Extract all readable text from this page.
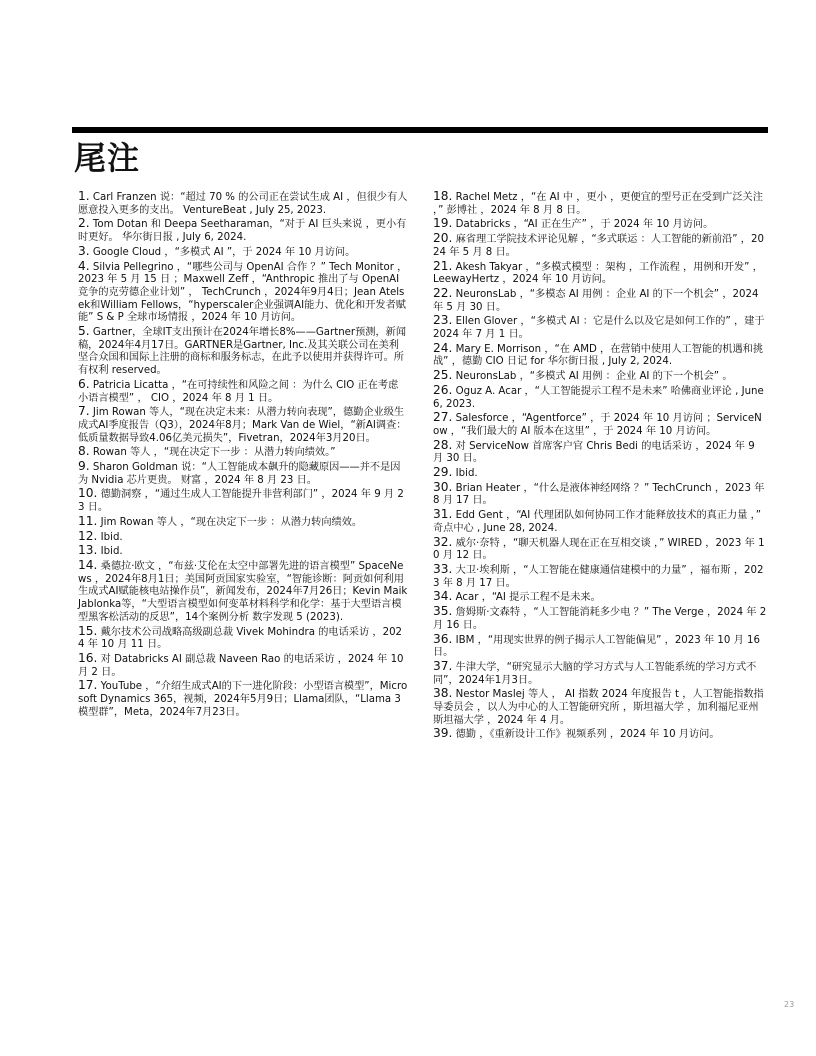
尾注

1. Carl Franzen 说：“超过 70 % 的公司正在尝试生成 AI ，但很少有人愿意投入更多的支出。 VentureBeat , July 25, 2023.

2. Tom Dotan 和 Deepa Seetharaman，“对于 AI 巨头来说 ，更小有时更好。 华尔街日报 , July 6, 2024.

3. Google Cloud ，“多模式 AI ”，于 2024 年 10 月访问。

4. Silvia Pellegrino ，“哪些公司与 OpenAI 合作 ？” Tech Monitor ，2023 年 5 月 15 日 ；Maxwell Zeff ，“Anthropic 推出了与 OpenAI 竞争的克劳德企业计划” ， TechCrunch ，2024年9月4日；Jean Atelsek和William Fellows，“hyperscaler企业强调AI能力、优化和开发者赋能” S & P 全球市场情报 ，2024 年 10 月访问。

5. Gartner，全球IT支出预计在2024年增长8%——Gartner预测，新闻稿，2024年4月17日。GARTNER是Gartner, Inc.及其关联公司在美利坚合众国和国际上注册的商标和服务标志，在此予以使用并获得许可。所有权利 reserved。

6. Patricia Licatta ，“在可持续性和风险之间 ：为什么 CIO 正在考虑小语言模型” ， CIO ，2024 年 8 月 1 日。

7. Jim Rowan 等人，“现在决定未来：从潜力转向表现”，德勤企业级生成式AI季度报告（Q3），2024年8月；Mark Van de Wiel，“新AI调查：低质量数据导致4.06亿美元损失”，Fivetran，2024年3月20日。

8. Rowan 等人 ，“现在决定下一步 ：从潜力转向绩效。”

9. Sharon Goldman 说：“人工智能成本飙升的隐藏原因——并不是因为 Nvidia 芯片更贵。 财富 ，2024 年 8 月 23 日。

10. 德勤洞察 ，“通过生成人工智能提升非营利部门” ，2024 年 9 月 23 日。

11. Jim Rowan 等人 ，“现在决定下一步 ：从潜力转向绩效。

12. Ibid.

13. Ibid.

14. 桑德拉·欧文 ，“布兹·艾伦在太空中部署先进的语言模型” SpaceNews ，2024年8月1日；美国阿贡国家实验室，“智能诊断：阿贡如何利用生成式AI赋能核电站操作员”，新闻发布，2024年7月26日；Kevin Maik Jablonka等，“大型语言模型如何变革材料科学和化学：基于大型语言模型黑客松活动的反思”，14个案例分析 数字发现 5 (2023).

15. 戴尔技术公司战略高级副总裁 Vivek Mohindra 的电话采访 ，2024 年 10 月 11 日。

16. 对 Databricks AI 副总裁 Naveen Rao 的电话采访 ，2024 年 10 月 2 日。

17. YouTube ，“介绍生成式AI的下一进化阶段：小型语言模型”，Microsoft Dynamics 365，视频，2024年5月9日；Llama团队，“Llama 3模型群”，Meta，2024年7月23日。

18. Rachel Metz ，“在 AI 中 ，更小 ，更便宜的型号正在受到广泛关注 ，” 彭博社 ，2024 年 8 月 8 日。

19. Databricks ，“AI 正在生产” ，于 2024 年 10 月访问。

20. 麻省理工学院技术评论见解 ，“多式联运 ：人工智能的新前沿” ，2024 年 5 月 8 日。

21. Akesh Takyar ，“多模式模型 ：架构 ，工作流程 ，用例和开发” ，LeewayHertz ，2024 年 10 月访问。

22. NeuronsLab ，“多模态 AI 用例 ：企业 AI 的下一个机会” ，2024 年 5 月 30 日。

23. Ellen Glover ，“多模式 AI ：它是什么以及它是如何工作的” ，建于 2024 年 7 月 1 日。

24. Mary E. Morrison ，“在 AMD ，在营销中使用人工智能的机遇和挑战” ，德勤 CIO 日记 for 华尔街日报 , July 2, 2024.

25. NeuronsLab ，“多模式 AI 用例 ：企业 AI 的下一个机会” 。

26. Oguz A. Acar ，“人工智能提示工程不是未来” 哈佛商业评论 , June 6, 2023.

27. Salesforce ，“Agentforce” ，于 2024 年 10 月访问 ；ServiceNow ，“我们最大的 AI 版本在这里” ，于 2024 年 10 月访问。

28. 对 ServiceNow 首席客户官 Chris Bedi 的电话采访 ，2024 年 9 月 30 日。

29. Ibid.

30. Brian Heater ，“什么是液体神经网络 ？” TechCrunch ，2023 年 8 月 17 日。

31. Edd Gent ，“AI 代理团队如何协同工作才能释放技术的真正力量 ，” 奇点中心 , June 28, 2024.

32. 威尔·奈特 ，“聊天机器人现在正在互相交谈 ，” WIRED ，2023 年 10 月 12 日。

33. 大卫·埃利斯 ，“人工智能在健康通信建模中的力量” ，福布斯 ，2023 年 8 月 17 日。

34. Acar ，“AI 提示工程不是未来。

35. 詹姆斯·文森特 ，“人工智能消耗多少电 ？” The Verge ，2024 年 2 月 16 日。

36. IBM ，“用现实世界的例子揭示人工智能偏见” ，2023 年 10 月 16 日。

37. 牛津大学，“研究显示大脑的学习方式与人工智能系统的学习方式不同”，2024年1月3日。

38. Nestor Maslej 等人 ， AI 指数 2024 年度报告 t ，人工智能指数指导委员会 ，以人为中心的人工智能研究所 ，斯坦福大学 ，加利福尼亚州斯坦福大学 ，2024 年 4 月。

39. 德勤 ，《重新设计工作》视频系列 ，2024 年 10 月访问。

23
